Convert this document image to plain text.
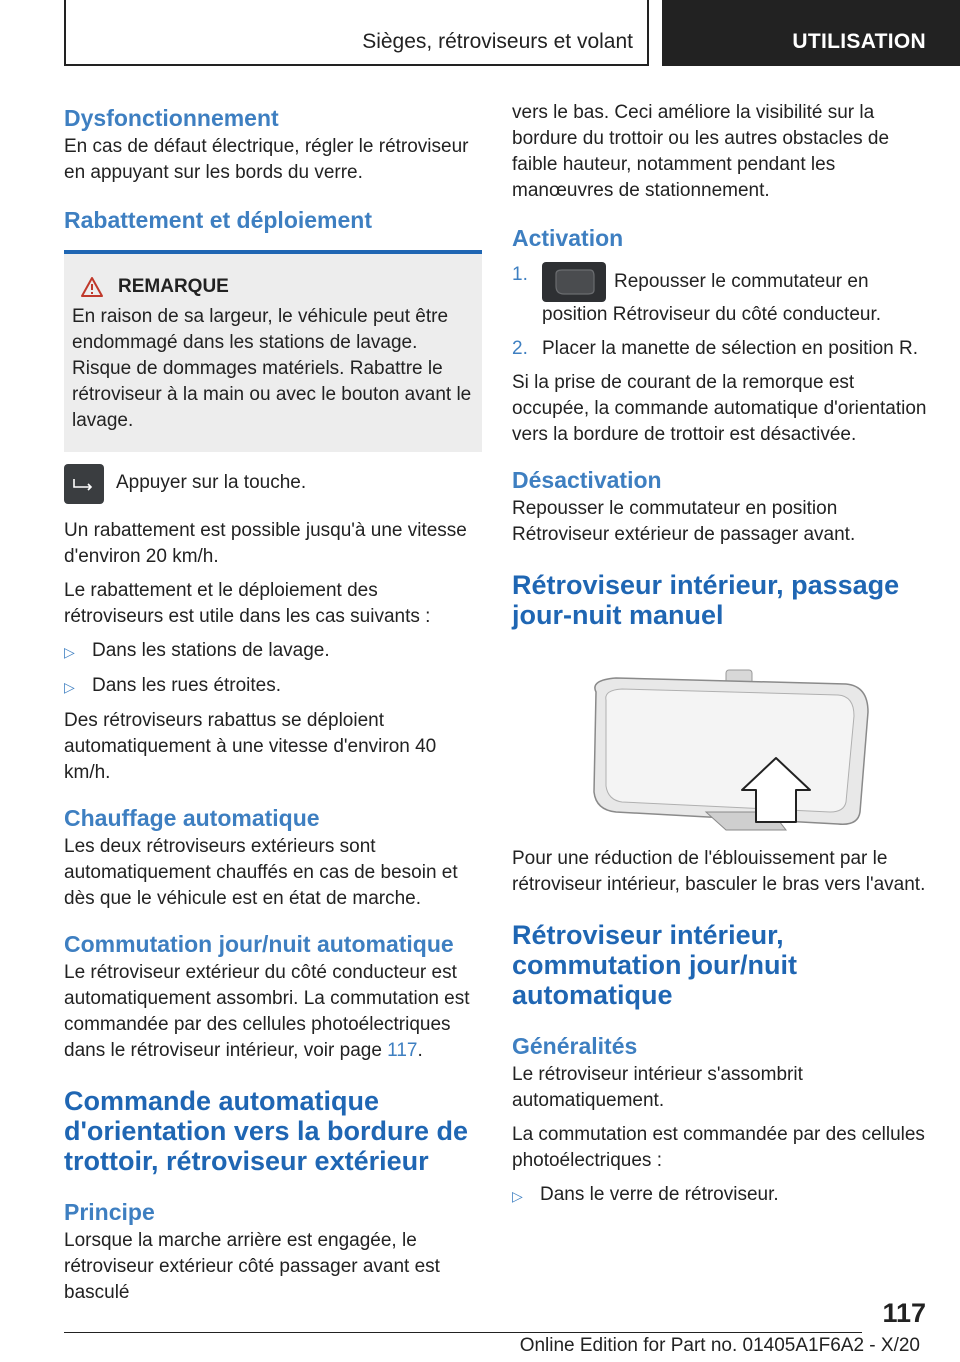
Sièges, rétroviseurs et volant	UTILISATION
Dysfonctionnement
En cas de défaut électrique, régler le rétroviseur en appuyant sur les bords du verre.
Rabattement et déploiement
REMARQUE
En raison de sa largeur, le véhicule peut être endommagé dans les stations de lavage. Risque de dommages matériels. Rabattre le rétroviseur à la main ou avec le bouton avant le lavage.
Appuyer sur la touche.
Un rabattement est possible jusqu'à une vitesse d'environ 20 km/h.
Le rabattement et le déploiement des rétroviseurs est utile dans les cas suivants :
▷ Dans les stations de lavage.
▷ Dans les rues étroites.
Des rétroviseurs rabattus se déploient automatiquement à une vitesse d'environ 40 km/h.
Chauffage automatique
Les deux rétroviseurs extérieurs sont automatiquement chauffés en cas de besoin et dès que le véhicule est en état de marche.
Commutation jour/nuit automatique
Le rétroviseur extérieur du côté conducteur est automatiquement assombri. La commutation est commandée par des cellules photoélectriques dans le rétroviseur intérieur, voir page 117.
Commande automatique d'orientation vers la bordure de trottoir, rétroviseur extérieur
Principe
Lorsque la marche arrière est engagée, le rétroviseur extérieur côté passager avant est basculé
vers le bas. Ceci améliore la visibilité sur la bordure du trottoir ou les autres obstacles de faible hauteur, notamment pendant les manœuvres de stationnement.
Activation
1.	Repousser le commutateur en position Rétroviseur du côté conducteur.
2. Placer la manette de sélection en position R.
Si la prise de courant de la remorque est occupée, la commande automatique d'orientation vers la bordure de trottoir est désactivée.
Désactivation
Repousser le commutateur en position Rétroviseur extérieur de passager avant.
Rétroviseur intérieur, passage jour-nuit manuel
Pour une réduction de l'éblouissement par le rétroviseur intérieur, basculer le bras vers l'avant.
Rétroviseur intérieur, commutation jour/nuit automatique
Généralités
Le rétroviseur intérieur s'assombrit automatiquement.
La commutation est commandée par des cellules photoélectriques :
▷ Dans le verre de rétroviseur.
117
Online Edition for Part no. 01405A1F6A2 - X/20
